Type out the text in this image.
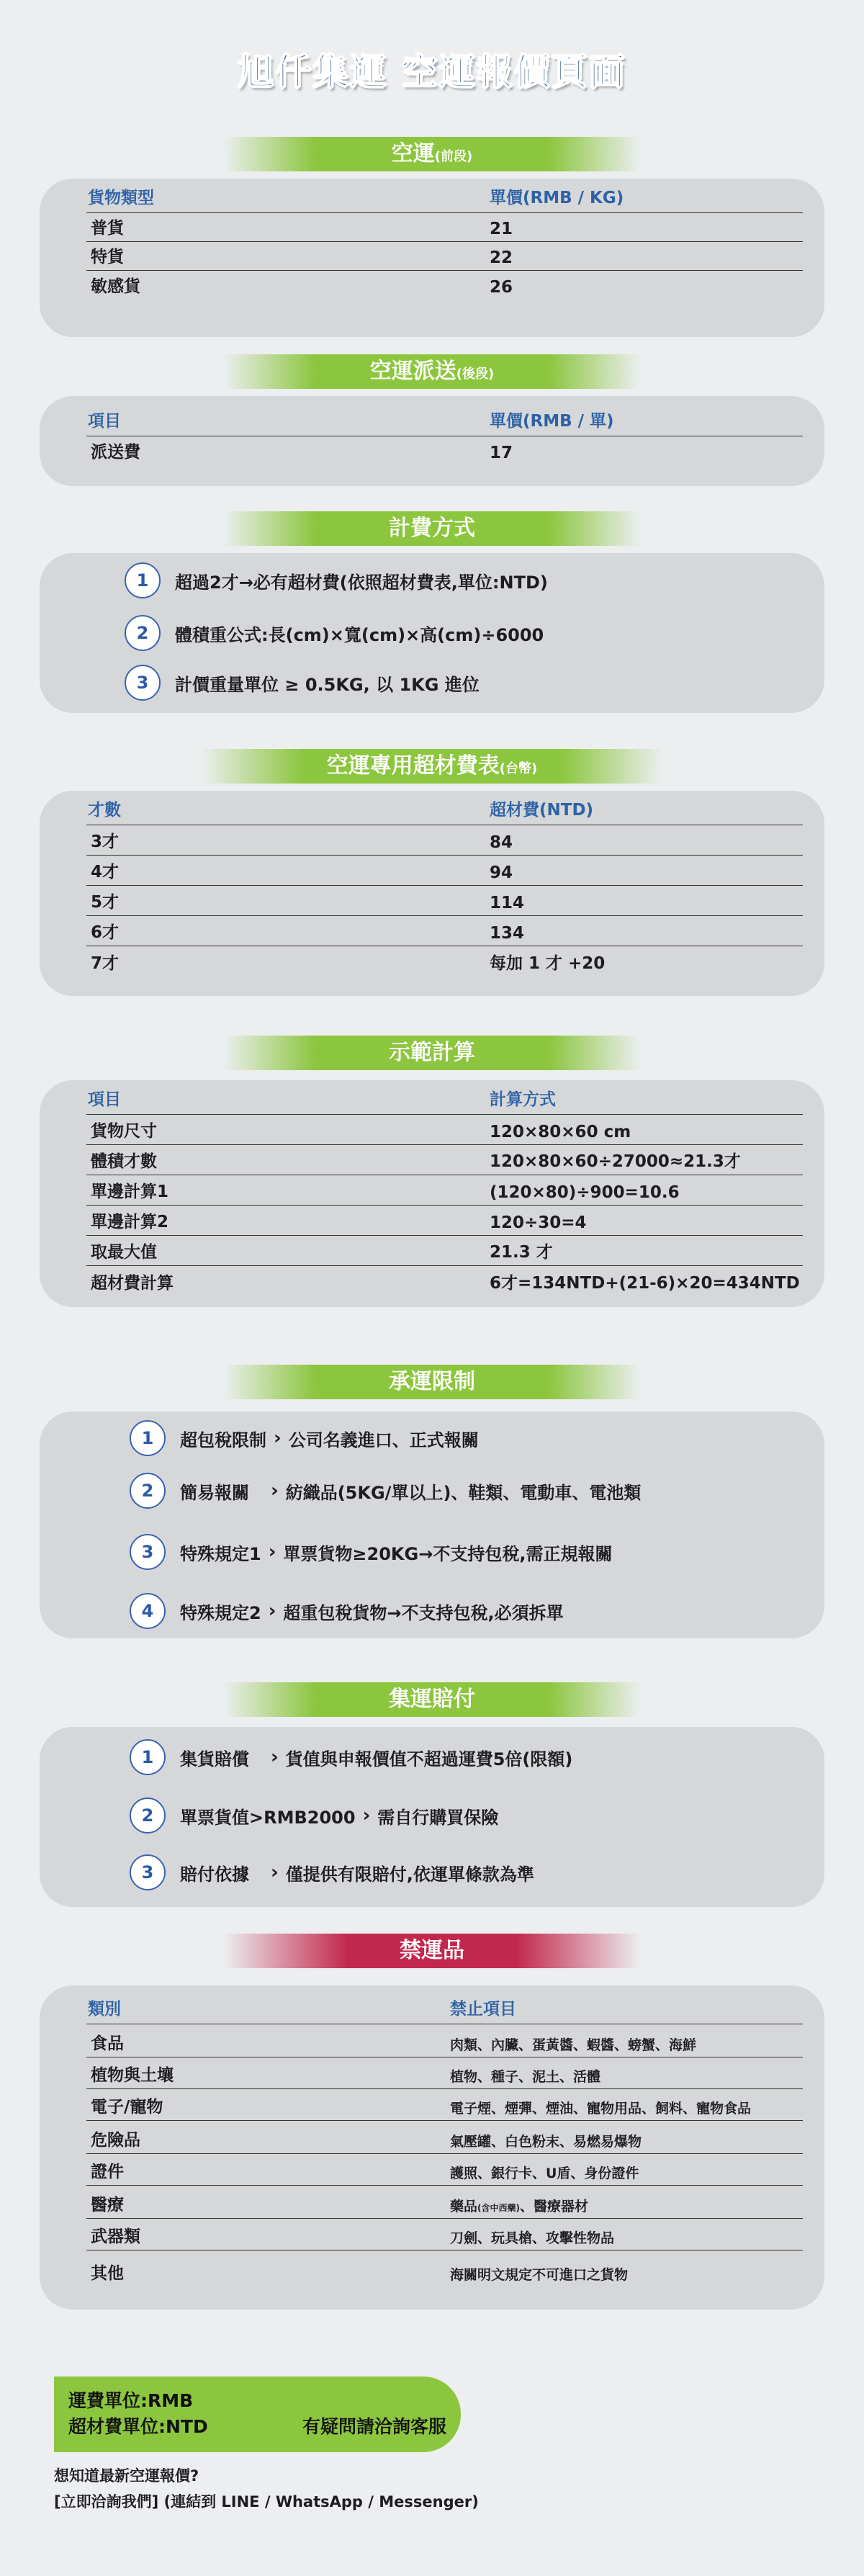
旭仟集運 空運報價頁面
空運(前段)
貨物類型	單價(RMB / KG)
普貨	21
特貨	22
敏感貨	26
空運派送(後段)
項目	單價(RMB / 單)
派送費	17
計費方式
1	超過2才→必有超材費(依照超材費表,單位:NTD)
2	體積重公式:長(cm)×寬(cm)×高(cm)÷6000
3	計價重量單位 ≥ 0.5KG, 以 1KG 進位
空運專用超材費表(台幣)
才數	超材費(NTD)
3才	84
4才	94
5才	114
6才	134
7才	每加 1 才 +20
示範計算
項目	計算方式
貨物尺寸	120×80×60 cm
體積才數	120×80×60÷27000≈21.3才
單邊計算1	(120×80)÷900=10.6
單邊計算2	120÷30=4
取最大值	21.3 才
超材費計算	6才=134NTD+(21-6)×20=434NTD
承運限制
1	超包稅限制 › 公司名義進口、正式報關
2	簡易報關 › 紡織品(5KG/單以上)、鞋類、電動車、電池類
3	特殊規定1 › 單票貨物≥20KG→不支持包稅,需正規報關
4	特殊規定2 › 超重包稅貨物→不支持包稅,必須拆單
集運賠付
1	集貨賠償 › 貨值與申報價值不超過運費5倍(限額)
2	單票貨值>RMB2000 › 需自行購買保險
3	賠付依據 › 僅提供有限賠付,依運單條款為準
禁運品
類別	禁止項目
食品	肉類、內臟、蛋黃醬、蝦醬、螃蟹、海鮮
植物與土壤	植物、種子、泥土、活體
電子/寵物	電子煙、煙彈、煙油、寵物用品、飼料、寵物食品
危險品	氣壓罐、白色粉末、易燃易爆物
證件	護照、銀行卡、U盾、身份證件
醫療	藥品(含中西藥)、醫療器材
武器類	刀劍、玩具槍、攻擊性物品
其他	海關明文規定不可進口之貨物
運費單位:RMB
超材費單位:NTD	有疑問請洽詢客服
想知道最新空運報價?
[立即洽詢我們] (連結到 LINE / WhatsApp / Messenger)
